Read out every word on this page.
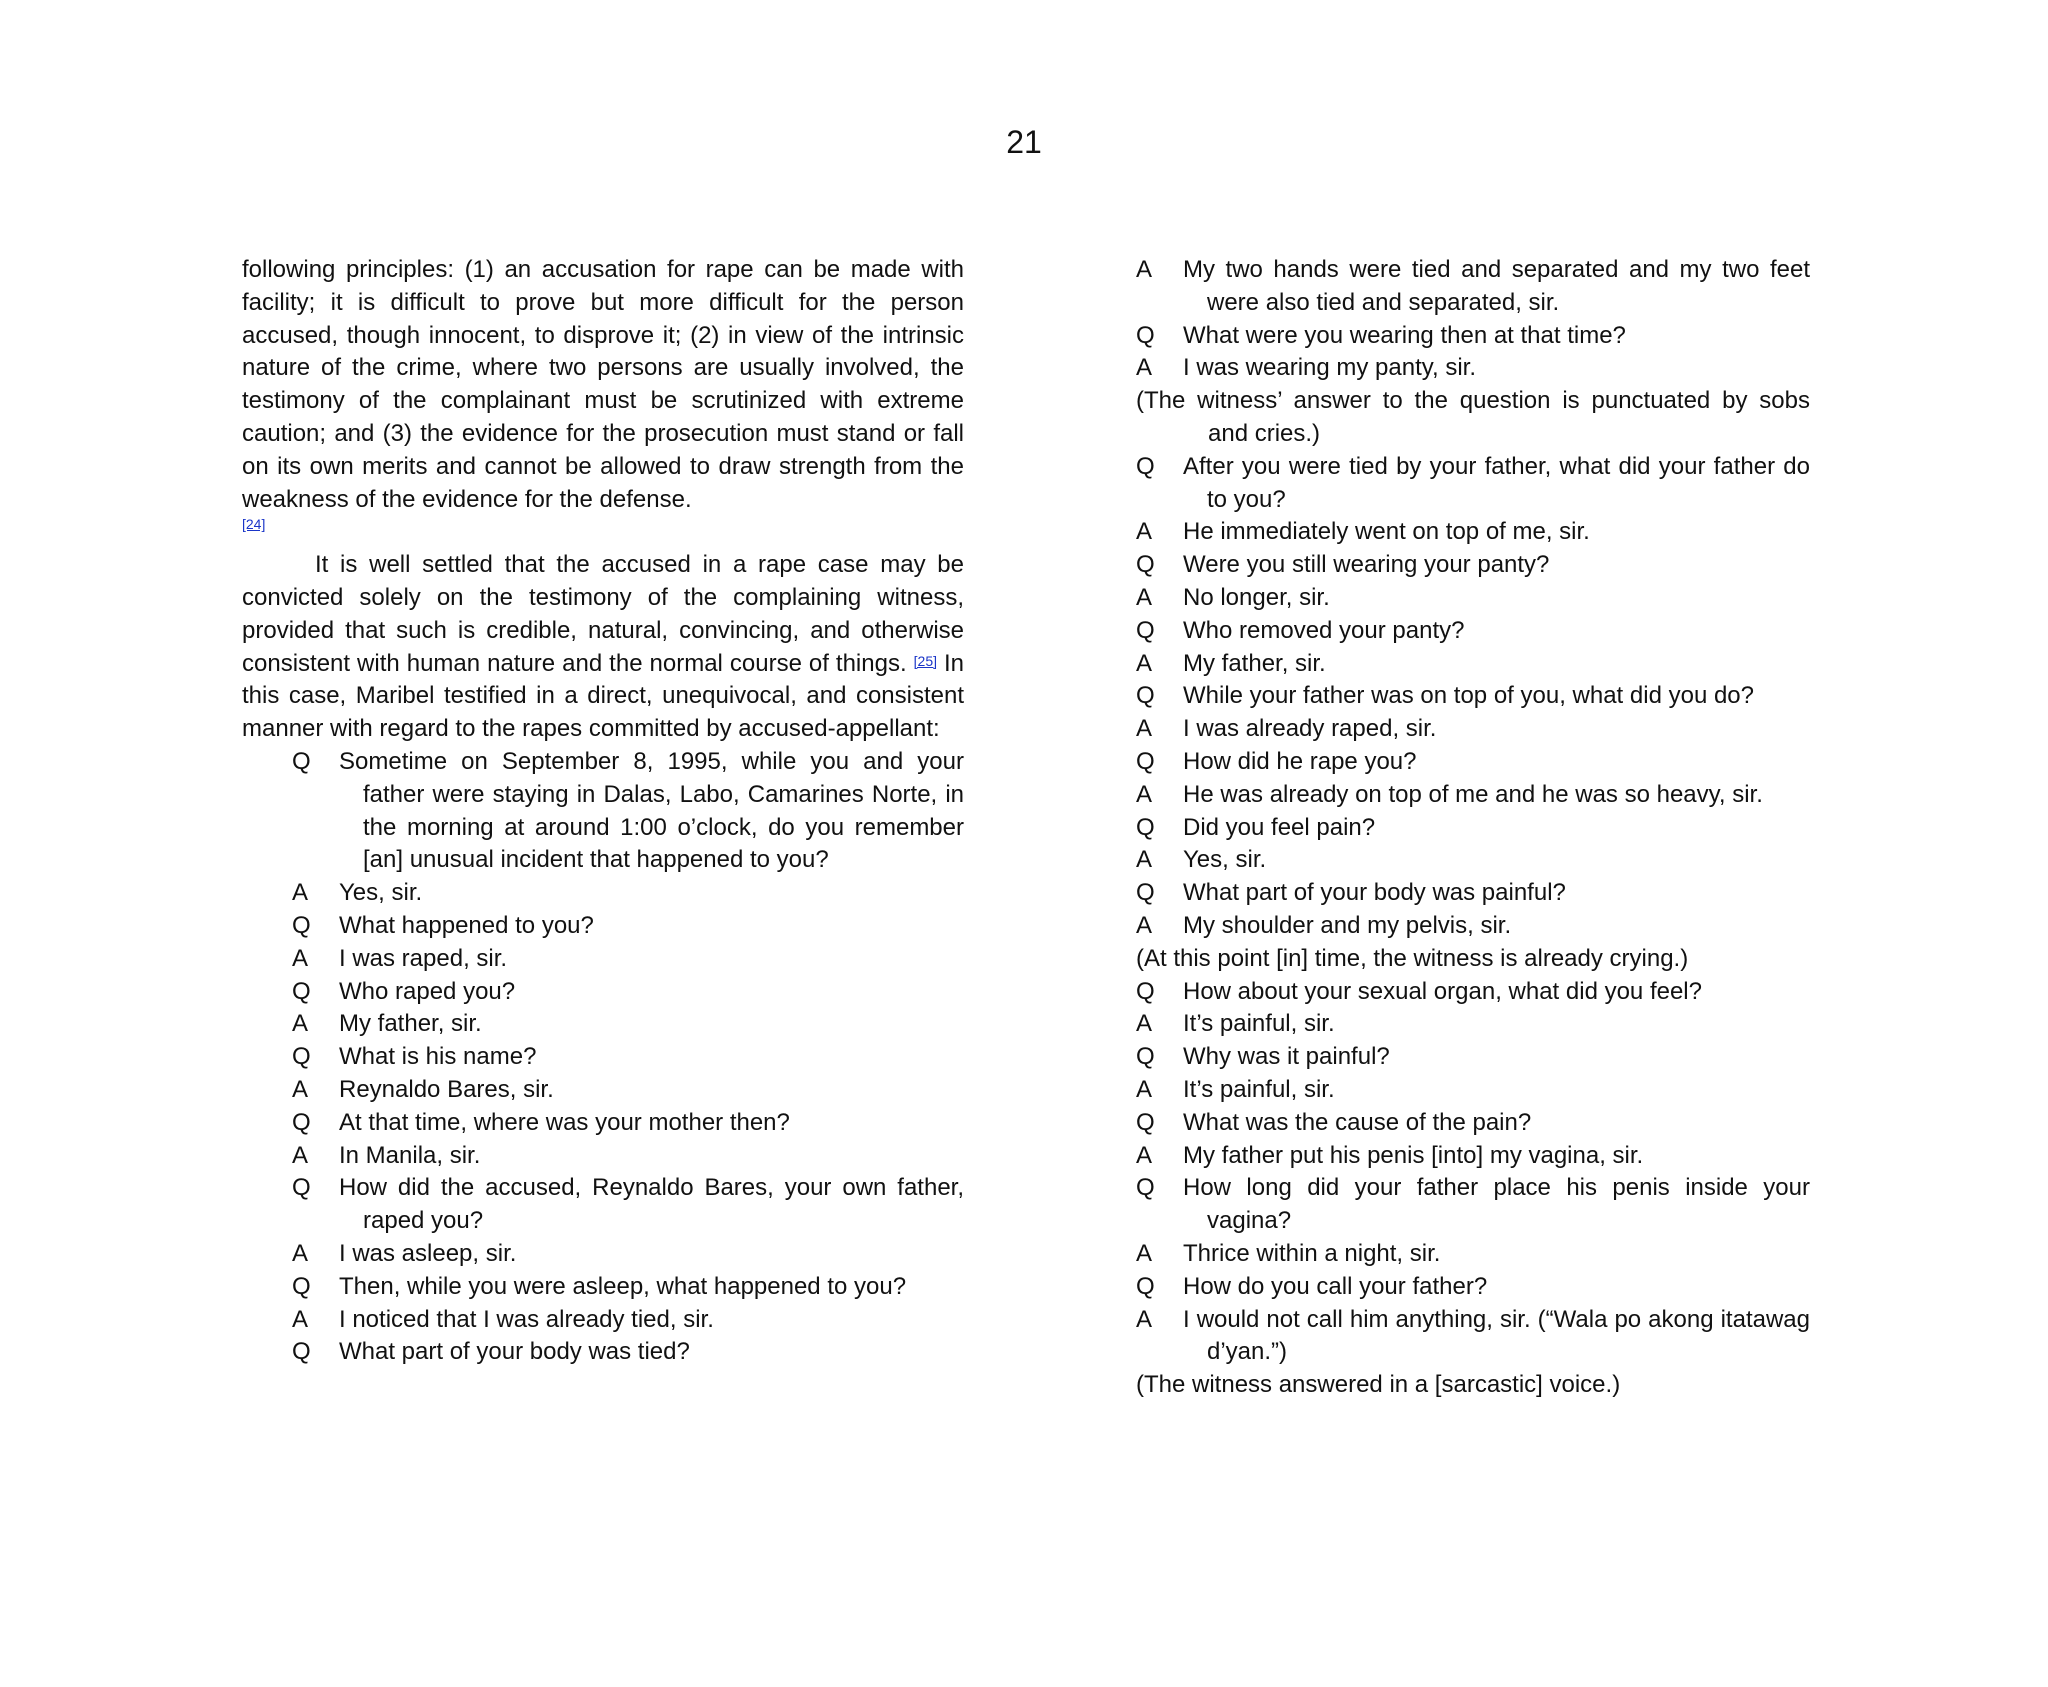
21

following principles: (1) an accusation for rape can be made with facility; it is difficult to prove but more difficult for the person accused, though innocent, to disprove it; (2) in view of the intrinsic nature of the crime, where two persons are usually involved, the testimony of the complainant must be scrutinized with extreme caution; and (3) the evidence for the prosecution must stand or fall on its own merits and cannot be allowed to draw strength from the weakness of the evidence for the defense.

[24]

It is well settled that the accused in a rape case may be convicted solely on the testimony of the complaining witness, provided that such is credible, natural, convincing, and otherwise consistent with human nature and the normal course of things. [25] In this case, Maribel testified in a direct, unequivocal, and consistent manner with regard to the rapes committed by accused-appellant:

Q	Sometime on September 8, 1995, while you and your father were staying in Dalas, Labo, Camarines Norte, in the morning at around 1:00 o’clock, do you remember [an] unusual incident that happened to you?
A	Yes, sir.
Q	What happened to you?
A	I was raped, sir.
Q	Who raped you?
A	My father, sir.
Q	What is his name?
A	Reynaldo Bares, sir.
Q	At that time, where was your mother then?
A	In Manila, sir.
Q	How did the accused, Reynaldo Bares, your own father, raped you?
A	I was asleep, sir.
Q	Then, while you were asleep, what happened to you?
A	I noticed that I was already tied, sir.
Q	What part of your body was tied?
A	My two hands were tied and separated and my two feet were also tied and separated, sir.
Q	What were you wearing then at that time?
A	I was wearing my panty, sir.
(The witness’ answer to the question is punctuated by sobs and cries.)
Q	After you were tied by your father, what did your father do to you?
A	He immediately went on top of me, sir.
Q	Were you still wearing your panty?
A	No longer, sir.
Q	Who removed your panty?
A	My father, sir.
Q	While your father was on top of you, what did you do?
A	I was already raped, sir.
Q	How did he rape you?
A	He was already on top of me and he was so heavy, sir.
Q	Did you feel pain?
A	Yes, sir.
Q	What part of your body was painful?
A	My shoulder and my pelvis, sir.
(At this point [in] time, the witness is already crying.)
Q	How about your sexual organ, what did you feel?
A	It’s painful, sir.
Q	Why was it painful?
A	It’s painful, sir.
Q	What was the cause of the pain?
A	My father put his penis [into] my vagina, sir.
Q	How long did your father place his penis inside your vagina?
A	Thrice within a night, sir.
Q	How do you call your father?
A	I would not call him anything, sir. (“Wala po akong itatawag d’yan.”)
(The witness answered in a [sarcastic] voice.)
